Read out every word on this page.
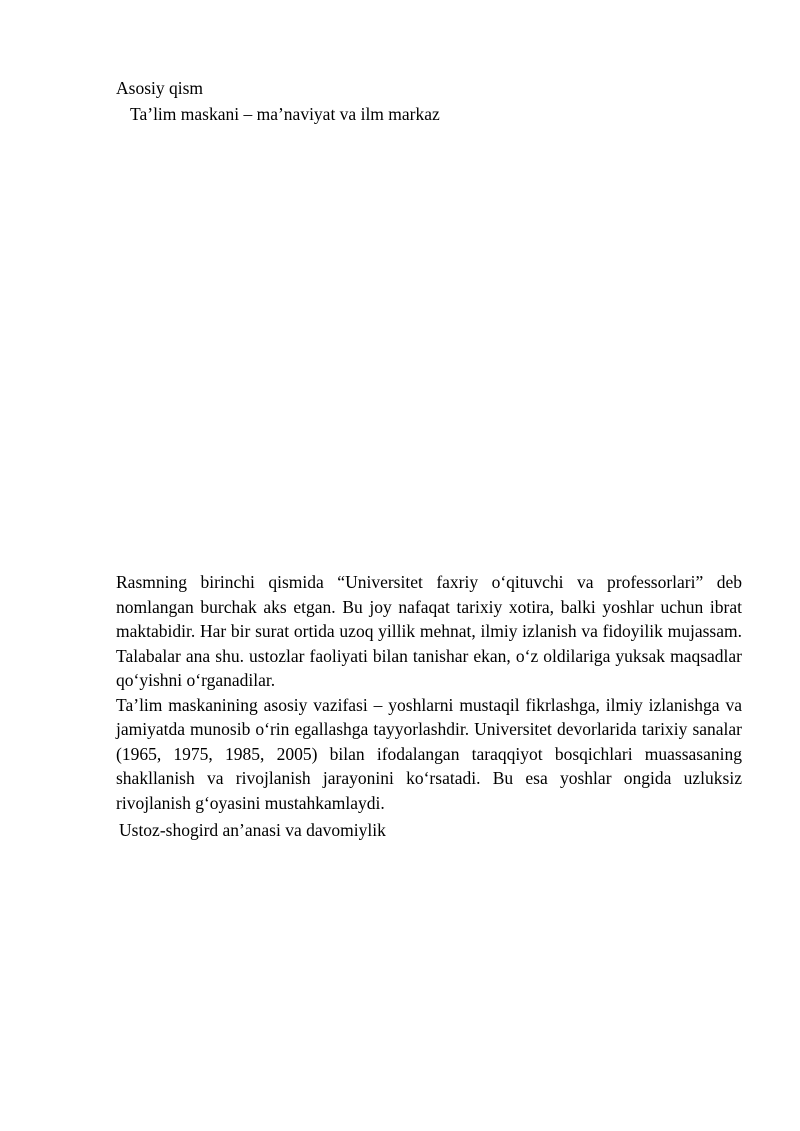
Asosiy qism
Ta’lim maskani – ma’naviyat va ilm markaz

Rasmning birinchi qismida “Universitet faxriy o‘qituvchi va professorlari” deb nomlangan burchak aks etgan. Bu joy nafaqat tarixiy xotira, balki yoshlar uchun ibrat maktabidir. Har bir surat ortida uzoq yillik mehnat, ilmiy izlanish va fidoyilik mujassam. Talabalar ana shu. ustozlar faoliyati bilan tanishar ekan, o‘z oldilariga yuksak maqsadlar qo‘yishni o‘rganadilar.

Ta’lim maskanining asosiy vazifasi – yoshlarni mustaqil fikrlashga, ilmiy izlanishga va jamiyatda munosib o‘rin egallashga tayyorlashdir. Universitet devorlarida tarixiy sanalar (1965, 1975, 1985, 2005) bilan ifodalangan taraqqiyot bosqichlari muassasaning shakllanish va rivojlanish jarayonini ko‘rsatadi. Bu esa yoshlar ongida uzluksiz rivojlanish g‘oyasini mustahkamlaydi.

Ustoz-shogird an’anasi va davomiylik
